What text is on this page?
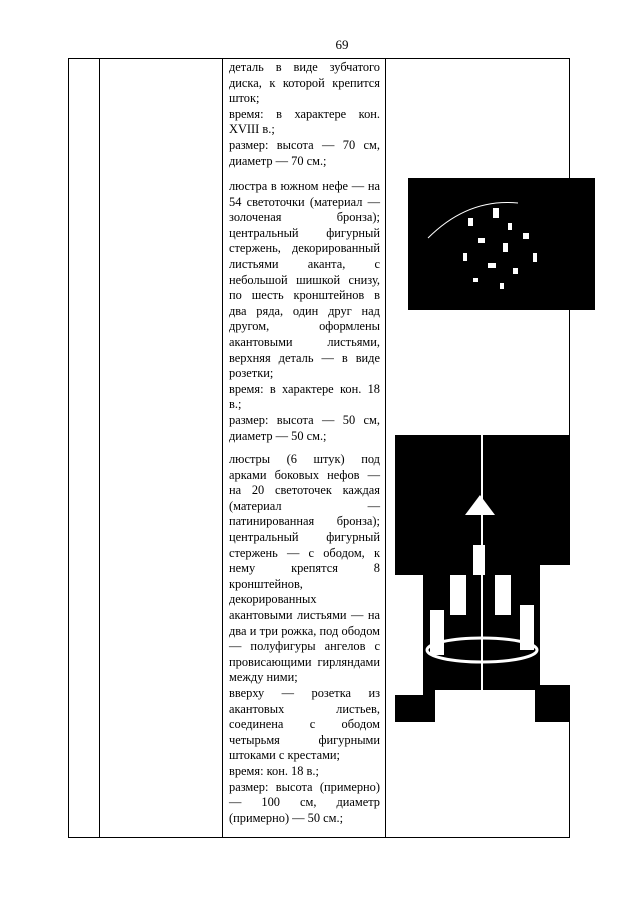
69

деталь в виде зубчатого диска, к которой крепится шток;

время: в характере кон. XVIII в.;

размер: высота — 70 см, диаметр — 70 см.;

люстра в южном нефе — на 54 светоточки (материал — золоченая бронза); центральный фигурный стержень, декорированный листьями аканта, с небольшой шишкой снизу, по шесть кронштейнов в два ряда, один друг над другом, оформлены акантовыми листьями, верхняя деталь — в виде розетки;

время: в характере кон. 18 в.;

размер: высота — 50 см, диаметр — 50 см.;

люстры (6 штук) под арками боковых нефов — на 20 светоточек каждая (материал — патинированная бронза); центральный фигурный стержень — с ободом, к нему крепятся 8 кронштейнов, декорированных акантовыми листьями — на два и три рожка, под ободом — полуфигуры ангелов с провисающими гирляндами между ними;

вверху — розетка из акантовых листьев, соединена с ободом четырьмя фигурными штоками с крестами;

время: кон. 18 в.;

размер: высота (примерно) — 100 см, диаметр (примерно) — 50 см.;
